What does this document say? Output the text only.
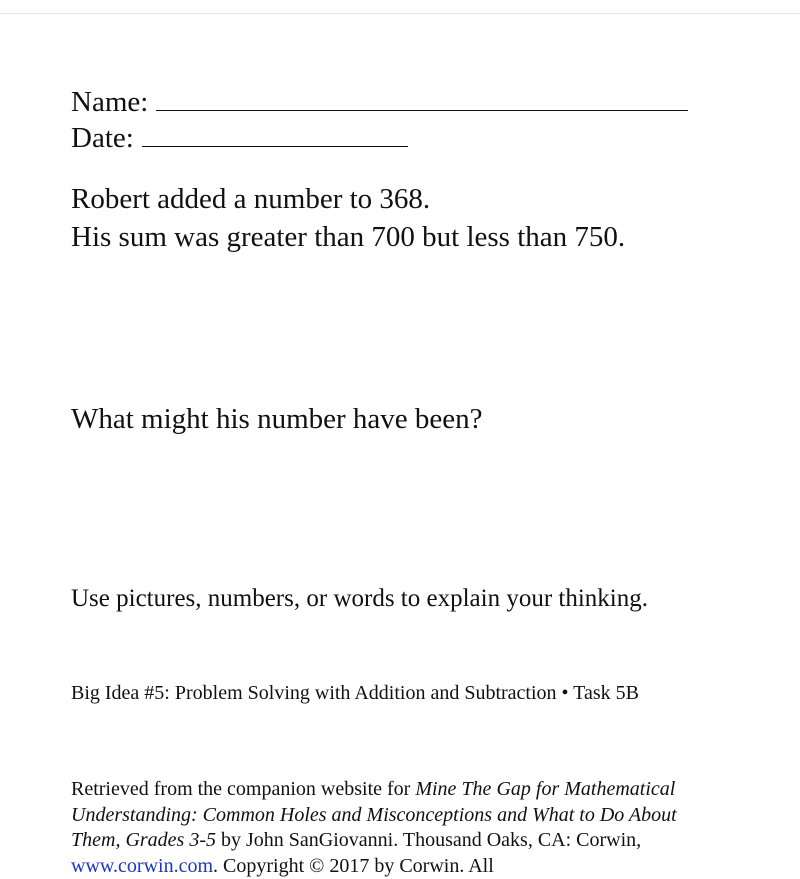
Name:
Date:
Robert added a number to 368.
His sum was greater than 700 but less than 750.
What might his number have been?
Use pictures, numbers, or words to explain your thinking.
Big Idea #5: Problem Solving with Addition and Subtraction • Task 5B
Retrieved from the companion website for Mine The Gap for Mathematical Understanding: Common Holes and Misconceptions and What to Do About Them, Grades 3-5 by John SanGiovanni. Thousand Oaks, CA: Corwin, www.corwin.com. Copyright © 2017 by Corwin. All
